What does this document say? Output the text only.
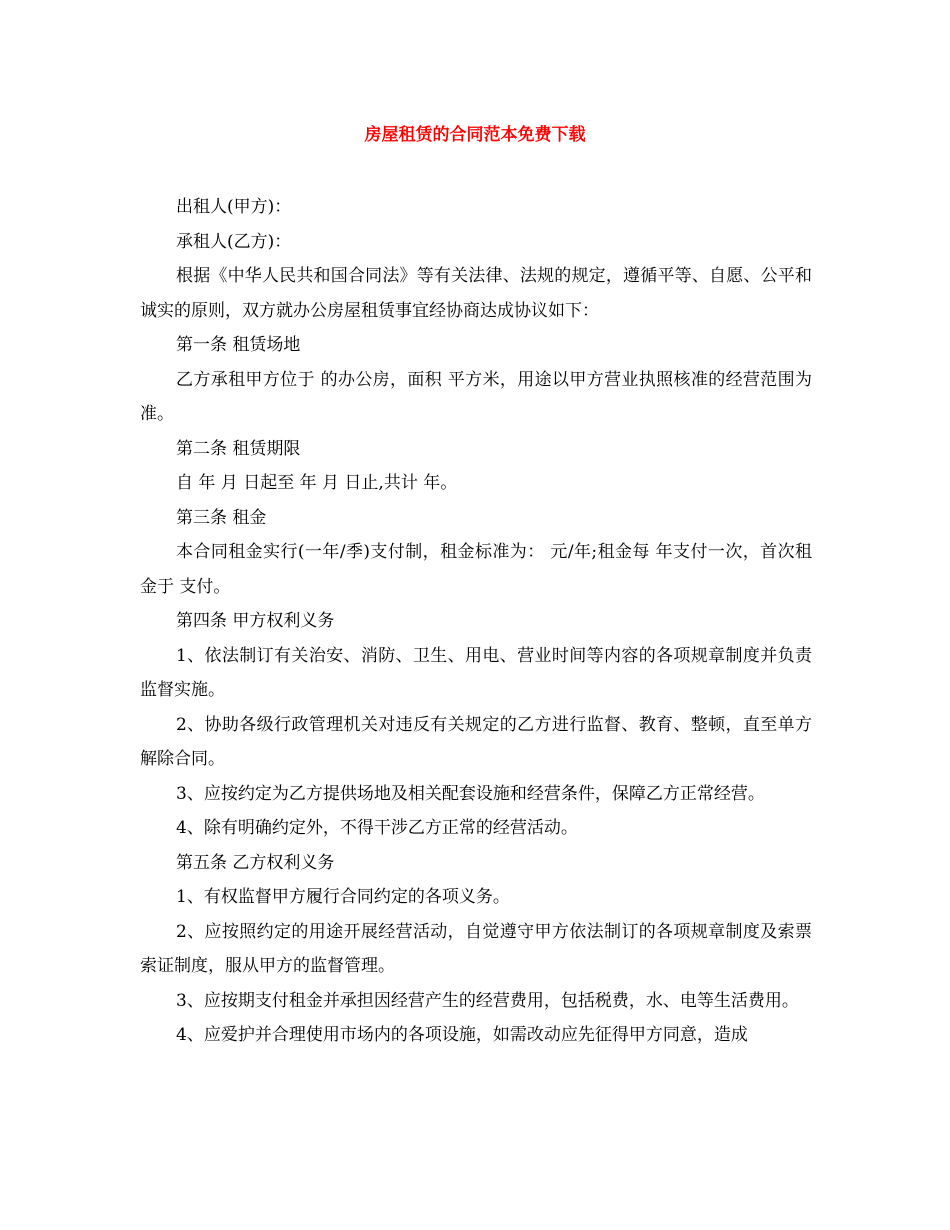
房屋租赁的合同范本免费下载

出租人(甲方)：

承租人(乙方)：

根据《中华人民共和国合同法》等有关法律、法规的规定，遵循平等、自愿、公平和诚实的原则，双方就办公房屋租赁事宜经协商达成协议如下：

第一条 租赁场地

乙方承租甲方位于 的办公房，面积 平方米，用途以甲方营业执照核准的经营范围为准。

第二条 租赁期限

自 年 月 日起至 年 月 日止,共计 年。

第三条 租金

本合同租金实行(一年/季)支付制，租金标准为： 元/年;租金每 年支付一次，首次租金于 支付。

第四条 甲方权利义务

1、依法制订有关治安、消防、卫生、用电、营业时间等内容的各项规章制度并负责监督实施。

2、协助各级行政管理机关对违反有关规定的乙方进行监督、教育、整顿，直至单方解除合同。

3、应按约定为乙方提供场地及相关配套设施和经营条件，保障乙方正常经营。

4、除有明确约定外，不得干涉乙方正常的经营活动。

第五条 乙方权利义务

1、有权监督甲方履行合同约定的各项义务。

2、应按照约定的用途开展经营活动，自觉遵守甲方依法制订的各项规章制度及索票索证制度，服从甲方的监督管理。

3、应按期支付租金并承担因经营产生的经营费用，包括税费，水、电等生活费用。

4、应爱护并合理使用市场内的各项设施，如需改动应先征得甲方同意，造成
